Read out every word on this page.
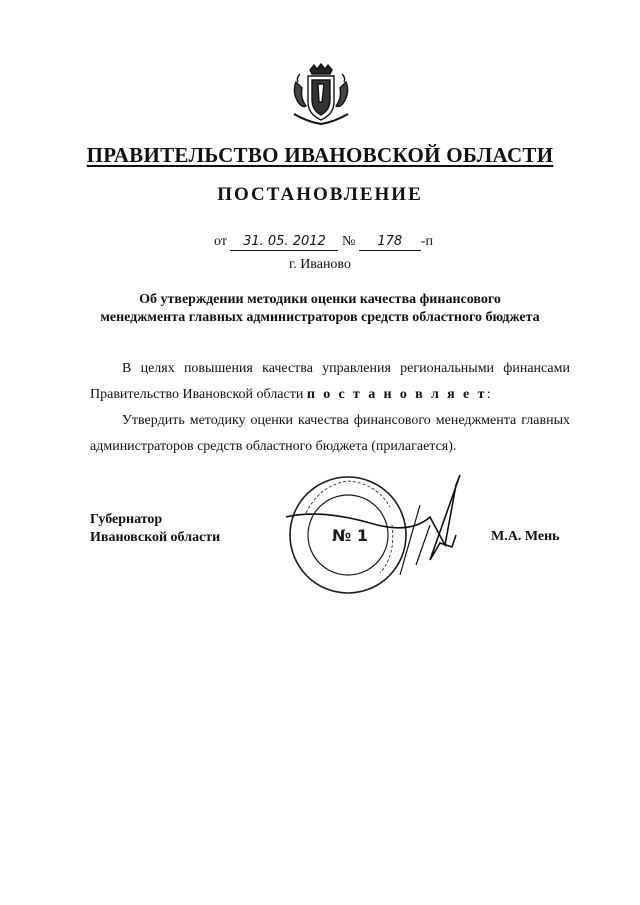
ПРАВИТЕЛЬСТВО ИВАНОВСКОЙ ОБЛАСТИ
ПОСТАНОВЛЕНИЕ
от 31. 05. 2012 № 178 -п
г. Иваново
Об утверждении методики оценки качества финансового
менеджмента главных администраторов средств областного бюджета
В целях повышения качества управления региональными финансами Правительство Ивановской области п о с т а н о в л я е т:
Утвердить методику оценки качества финансового менеджмента главных администраторов средств областного бюджета (прилагается).
Губернатор
Ивановской области	№ 1	М.А. Мень
